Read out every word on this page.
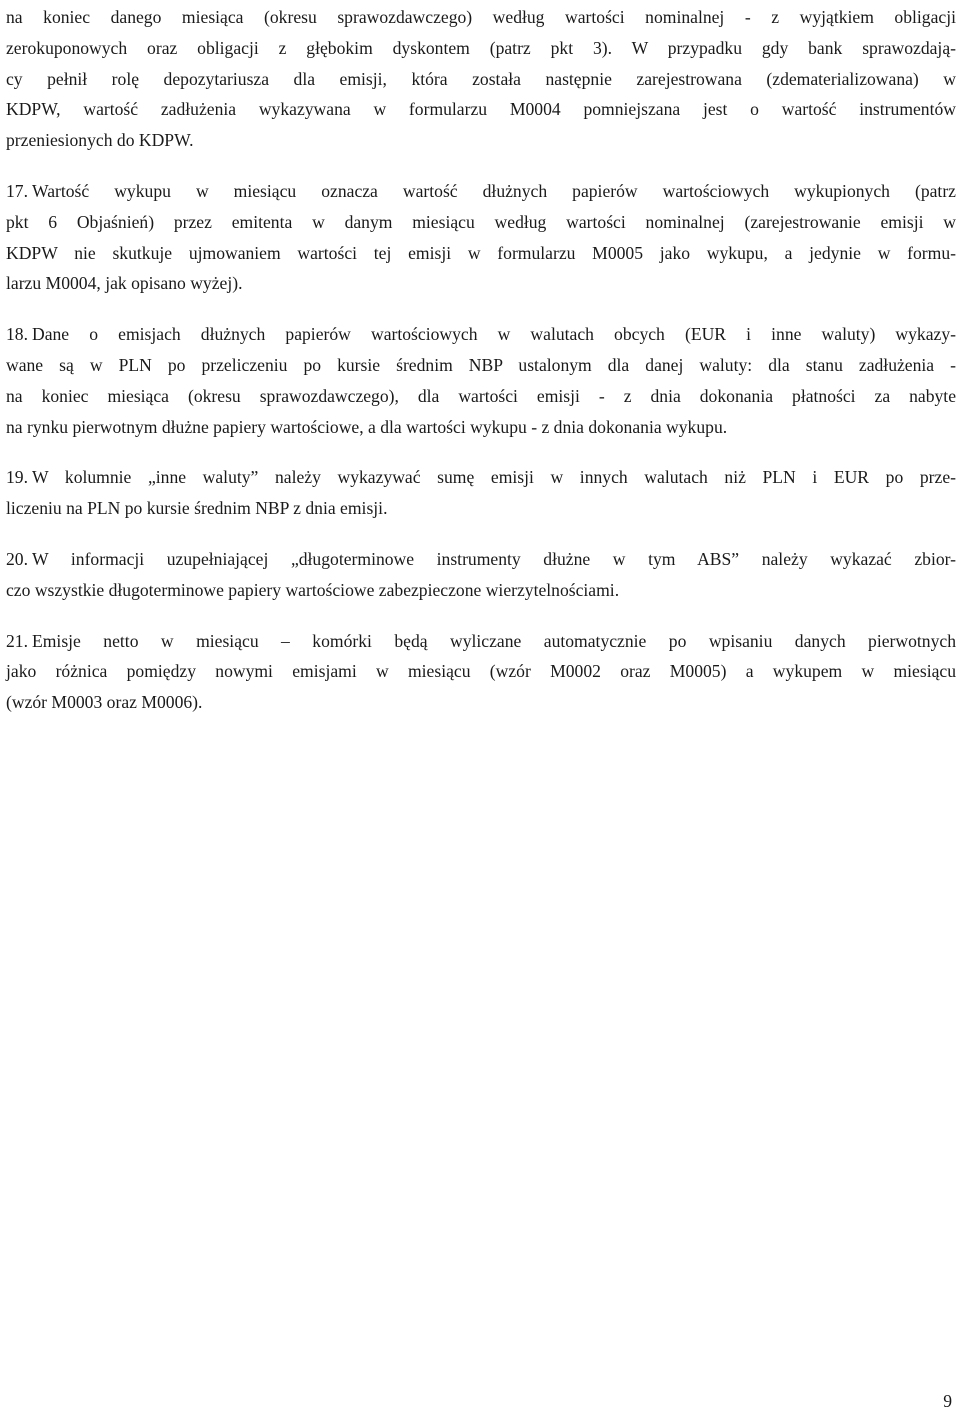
na koniec danego miesiąca (okresu sprawozdawczego) według wartości nominalnej - z wyjątkiem obligacji
zerokuponowych oraz obligacji z głębokim dyskontem (patrz pkt 3). W przypadku gdy bank sprawozdają-
cy pełnił rolę depozytariusza dla emisji, która została następnie zarejestrowana (zdematerializowana) w
KDPW, wartość zadłużenia wykazywana w formularzu M0004 pomniejszana jest o wartość instrumentów
przeniesionych do KDPW.

17. Wartość wykupu w miesiącu oznacza wartość dłużnych papierów wartościowych wykupionych (patrz
pkt 6 Objaśnień) przez emitenta w danym miesiącu według wartości nominalnej (zarejestrowanie emisji w
KDPW nie skutkuje ujmowaniem wartości tej emisji w formularzu M0005 jako wykupu, a jedynie w formu-
larzu M0004, jak opisano wyżej).

18. Dane o emisjach dłużnych papierów wartościowych w walutach obcych (EUR i inne waluty) wykazy-
wane są w PLN po przeliczeniu po kursie średnim NBP ustalonym dla danej waluty: dla stanu zadłużenia -
na koniec miesiąca (okresu sprawozdawczego), dla wartości emisji - z dnia dokonania płatności za nabyte
na rynku pierwotnym dłużne papiery wartościowe, a dla wartości wykupu - z dnia dokonania wykupu.

19. W kolumnie „inne waluty” należy wykazywać sumę emisji w innych walutach niż PLN i EUR po prze-
liczeniu na PLN po kursie średnim NBP z dnia emisji.

20. W informacji uzupełniającej „długoterminowe instrumenty dłużne w tym ABS” należy wykazać zbior-
czo wszystkie długoterminowe papiery wartościowe zabezpieczone wierzytelnościami.

21. Emisje netto w miesiącu – komórki będą wyliczane automatycznie po wpisaniu danych pierwotnych
jako różnica pomiędzy nowymi emisjami w miesiącu (wzór M0002 oraz M0005) a wykupem w miesiącu
(wzór M0003 oraz M0006).

9
